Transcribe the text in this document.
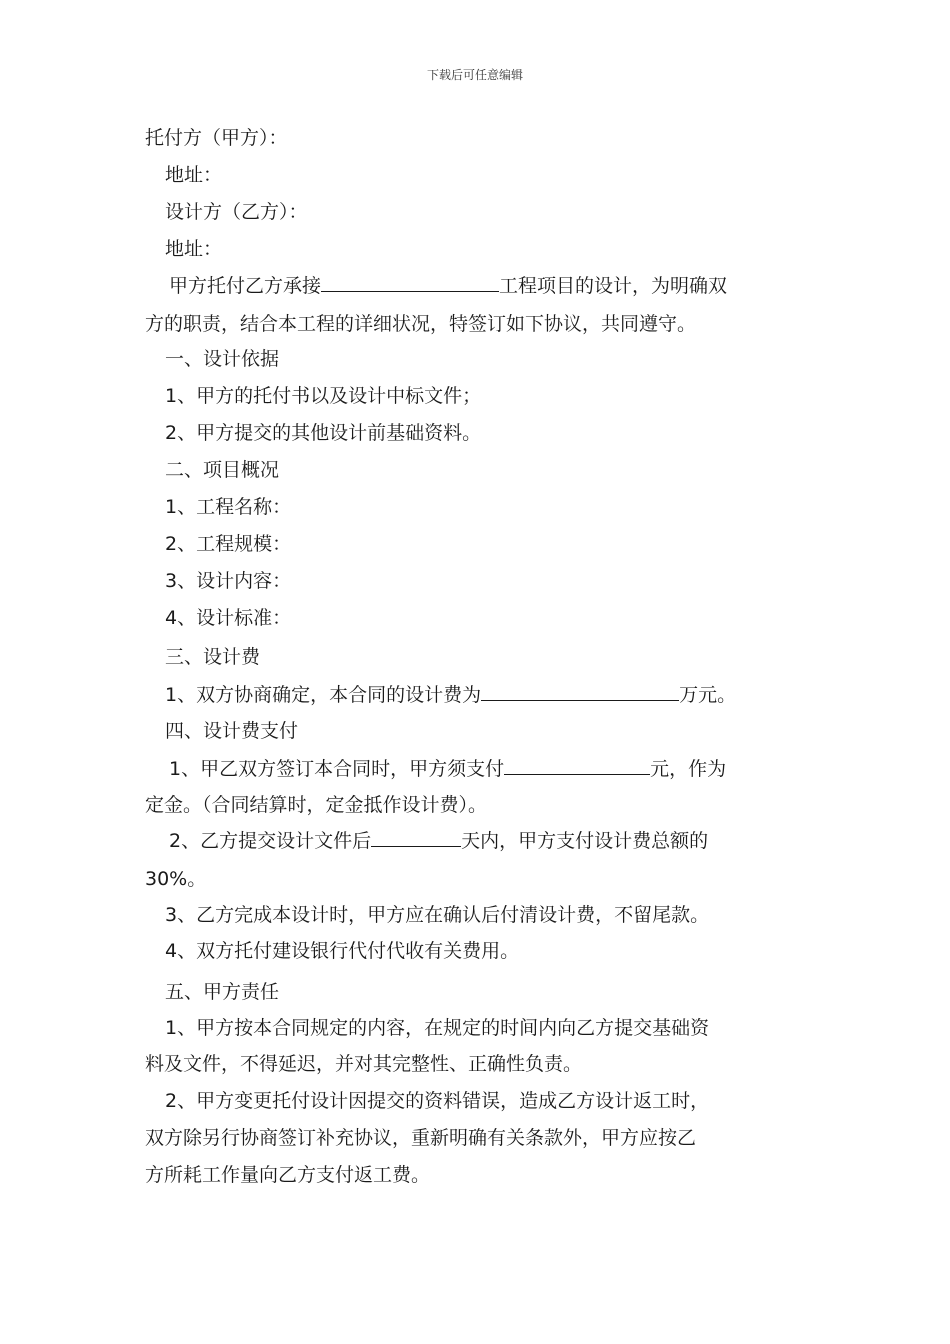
下载后可任意编辑
托付方（甲方）：
地址：
设计方（乙方）：
地址：
甲方托付乙方承接	工程项目的设计，为明确双
方的职责，结合本工程的详细状况，特签订如下协议，共同遵守。
一、设计依据
1、甲方的托付书以及设计中标文件；
2、甲方提交的其他设计前基础资料。
二、项目概况
1、工程名称：
2、工程规模：
3、设计内容：
4、设计标准：
三、设计费
1、双方协商确定，本合同的设计费为	万元。
四、设计费支付
1、甲乙双方签订本合同时，甲方须支付	元，作为
定金。（合同结算时，定金抵作设计费）。
2、乙方提交设计文件后	天内，甲方支付设计费总额的
30%。
3、乙方完成本设计时，甲方应在确认后付清设计费，不留尾款。
4、双方托付建设银行代付代收有关费用。
五、甲方责任
1、甲方按本合同规定的内容，在规定的时间内向乙方提交基础资
料及文件，不得延迟，并对其完整性、正确性负责。
2、甲方变更托付设计因提交的资料错误，造成乙方设计返工时，
双方除另行协商签订补充协议，重新明确有关条款外，甲方应按乙
方所耗工作量向乙方支付返工费。
